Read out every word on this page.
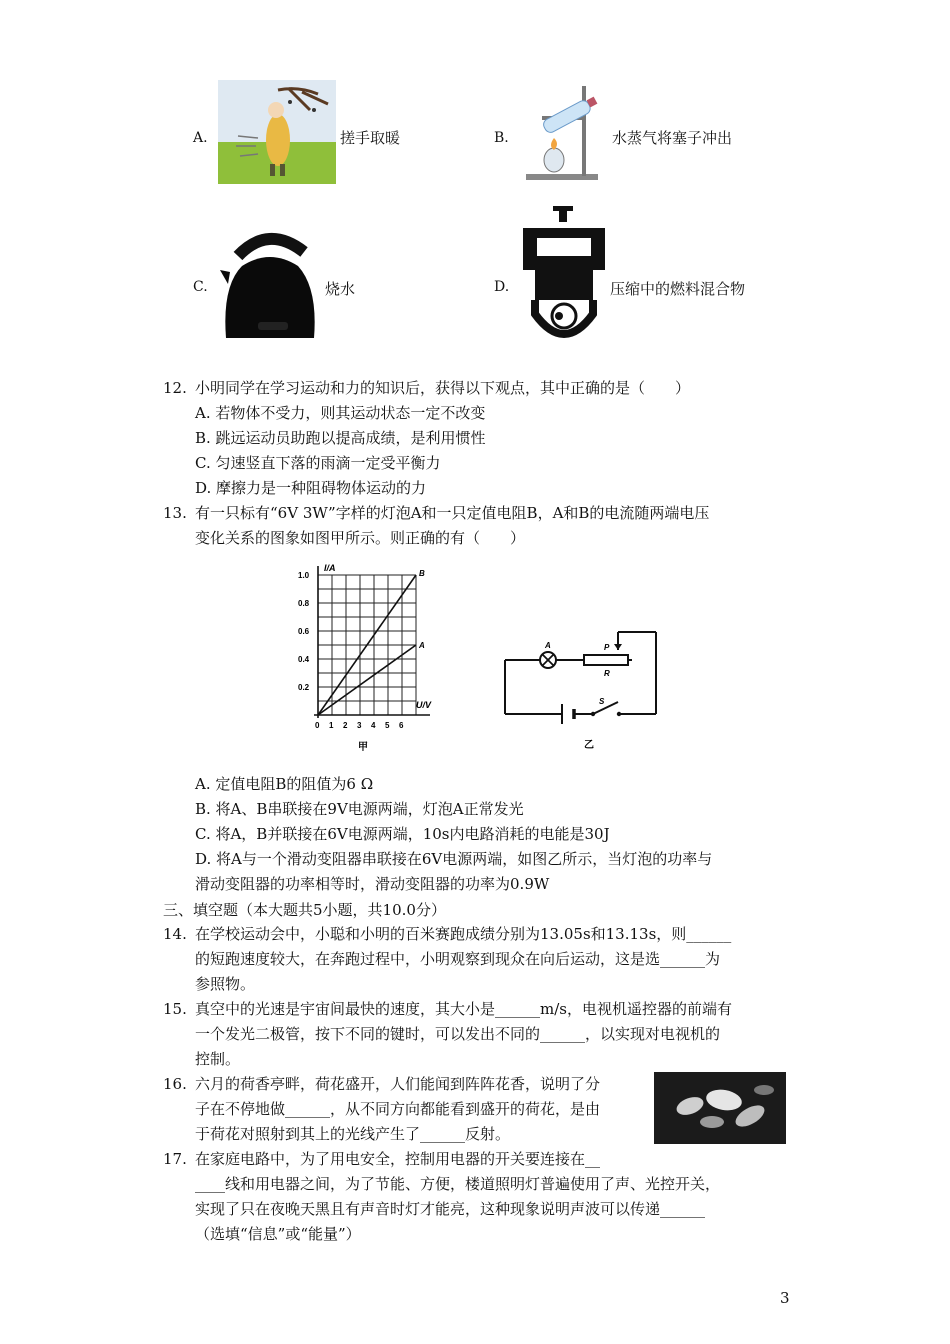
A.	搓手取暖	B.	水蒸气将塞子冲出
C.	烧水	D.	压缩中的燃料混合物
12. 小明同学在学习运动和力的知识后，获得以下观点，其中正确的是（　　）
A. 若物体不受力，则其运动状态一定不改变
B. 跳远运动员助跑以提高成绩，是利用惯性
C. 匀速竖直下落的雨滴一定受平衡力
D. 摩擦力是一种阻碍物体运动的力
13. 有一只标有“6V 3W”字样的灯泡A和一只定值电阻B，A和B的电流随两端电压
变化关系的图象如图甲所示。则正确的有（　　）
I/A
U/V
1.0
0.8
0.6
0.4
0.2
0 1 2 3 4 5 6
B
A
甲
A	P
R
S
乙
A. 定值电阻B的阻值为6 Ω
B. 将A、B串联接在9V电源两端，灯泡A正常发光
C. 将A，B并联接在6V电源两端，10s内电路消耗的电能是30J
D. 将A与一个滑动变阻器串联接在6V电源两端，如图乙所示，当灯泡的功率与
滑动变阻器的功率相等时，滑动变阻器的功率为0.9W
三、填空题（本大题共5小题，共10.0分）
14. 在学校运动会中，小聪和小明的百米赛跑成绩分别为13.05s和13.13s，则______
的短跑速度较大，在奔跑过程中，小明观察到现众在向后运动，这是选______为
参照物。
15. 真空中的光速是宇宙间最快的速度，其大小是______m/s，电视机遥控器的前端有
一个发光二极管，按下不同的键时，可以发出不同的______，以实现对电视机的
控制。
16. 六月的荷香亭畔，荷花盛开，人们能闻到阵阵花香，说明了分
子在不停地做______，从不同方向都能看到盛开的荷花，是由
于荷花对照射到其上的光线产生了______反射。
17. 在家庭电路中，为了用电安全，控制用电器的开关要连接在__
____线和用电器之间，为了节能、方便，楼道照明灯普遍使用了声、光控开关，
实现了只在夜晚天黑且有声音时灯才能亮，这种现象说明声波可以传递______
（选填“信息”或“能量”）
3
